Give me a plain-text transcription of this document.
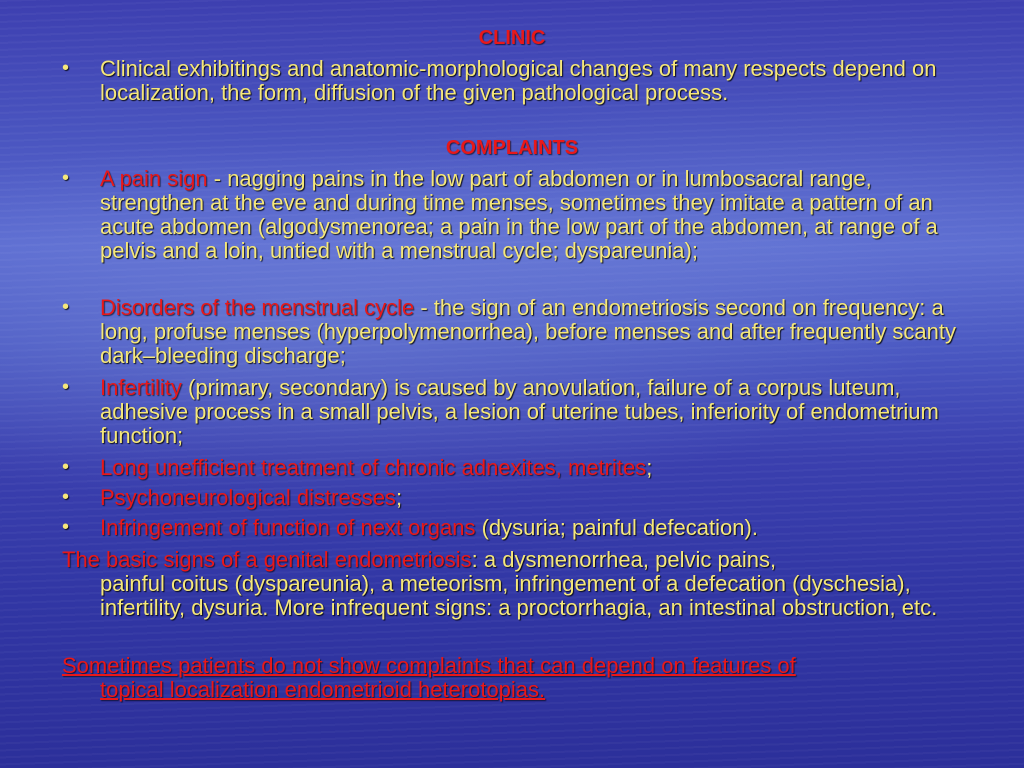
CLINIC
• Clinical exhibitings and anatomic-morphological changes of many respects depend on localization, the form, diffusion of the given pathological process.
COMPLAINTS
• A pain sign - nagging pains in the low part of abdomen or in lumbosacral range, strengthen at the eve and during time menses, sometimes they imitate a pattern of an acute abdomen (algodysmenorea; a pain in the low part of the abdomen, at range of a pelvis and a loin, untied with a menstrual cycle; dyspareunia);
• Disorders of the menstrual cycle - the sign of an endometriosis second on frequency: a long, profuse menses (hyperpolymenorrhea), before menses and after frequently scanty dark–bleeding discharge;
• Infertility (primary, secondary) is caused by anovulation, failure of a corpus luteum, adhesive process in a small pelvis, a lesion of uterine tubes, inferiority of endometrium function;
• Long unefficient treatment of chronic adnexites, metrites;
• Psychoneurological distresses;
• Infringement of function of next organs (dysuria; painful defecation).
The basic signs of a genital endometriosis: a dysmenorrhea, pelvic pains,
painful coitus (dyspareunia), a meteorism, infringement of a defecation (dyschesia), infertility, dysuria. More infrequent signs: a proctorrhagia, an intestinal obstruction, etc.
Sometimes patients do not show complaints that can depend on features of
topical localization endometrioid heterotopias.
